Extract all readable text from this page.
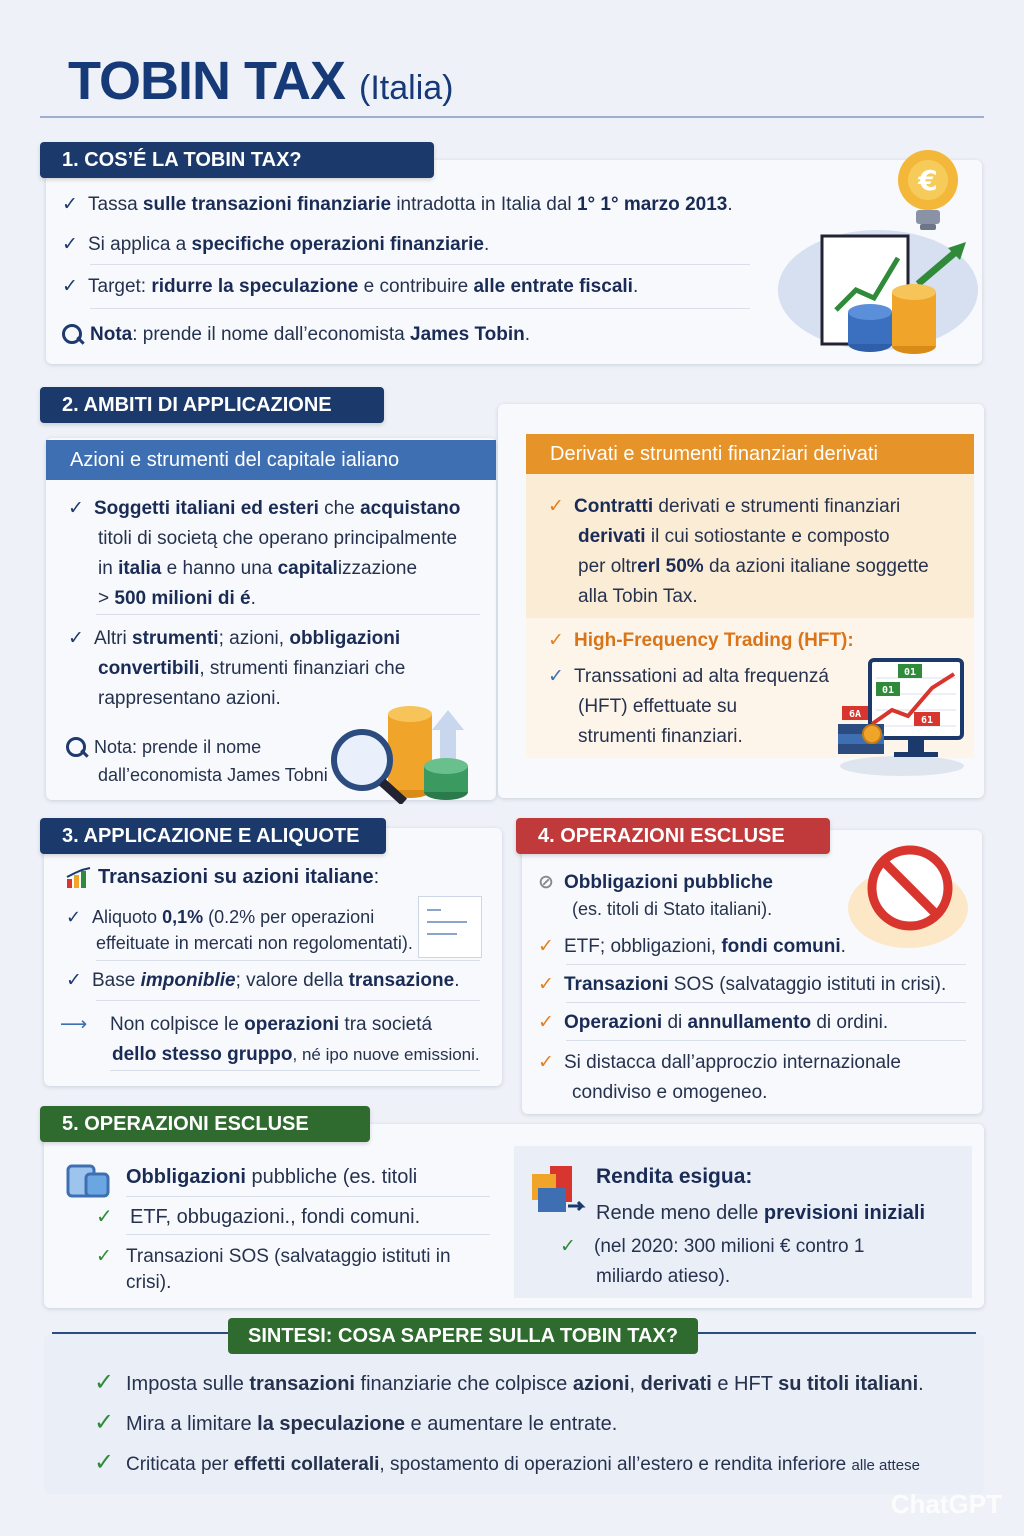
TOBIN TAX (Italia)
1. COS’É LA TOBIN TAX?
✓ Tassa sulle transazioni finanziarie intradotta in Italia dal 1° 1° marzo 2013.
✓ Si applica a specifiche operazioni finanziarie.
✓ Target: ridurre la speculazione e contribuire alle entrate fiscali.
Nota: prende il nome dall’economista James Tobin.
€
2. AMBITI DI APPLICAZIONE
Azioni e strumenti del capitale ialiano
✓ Soggetti italiani ed esteri che acquistano
titoli di societą che operano principalmente
in italia e hanno una capitalizzazione
> 500 milioni di é.
✓ Altri strumenti; azioni, obbligazioni
convertibili, strumenti finanziari che
rappresentano azioni.
Nota: prende il nome
dall’economista James Tobni
Derivati e strumenti finanziari derivati
✓ Contratti derivati e strumenti finanziari
derivati il cui sotiostante e composto
per oltrerl 50% da azioni italiane soggette
alla Tobin Tax.
✓ High-Frequency Trading (HFT):
✓ Transsationi ad alta frequenzá
(HFT) effettuate su
strumenti finanziari.
01
01
6A
61
3. APPLICAZIONE E ALIQUOTE
Transazioni su azioni italiane:
✓ Aliquoto 0,1% (0.2% per operazioni
effeituate in mercati non regolomentati).
✓ Base imponiblie; valore della transazione.
⟶ Non colpisce le operazioni tra societá
dello stesso gruppo, né ipo nuove emissioni.
4. OPERAZIONI ESCLUSE
⊘ Obbligazioni pubbliche
(es. titoli di Stato italiani).
✓ ETF; obbligazioni, fondi comuni.
✓ Transazioni SOS (salvataggio istituti in crisi).
✓ Operazioni di annullamento di ordini.
✓ Si distacca dall’approczio internazionale
condiviso e omogeneo.
5. OPERAZIONI ESCLUSE
Obbligazioni pubbliche (es. titoli
✓ ETF, obbugazioni., fondi comuni.
✓ Transazioni SOS (salvataggio istituti in
crisi).
Rendita esigua:
Rende meno delle previsioni iniziali
✓ (nel 2020: 300 milioni € contro 1
miliardo atieso).
SINTESI: COSA SAPERE SULLA TOBIN TAX?
✓ Imposta sulle transazioni finanziarie che colpisce azioni, derivati e HFT su titoli italiani.
✓ Mira a limitare la speculazione e aumentare le entrate.
✓ Criticata per effetti collaterali, spostamento di operazioni all’estero e rendita inferiore alle attese
ChatGPT
